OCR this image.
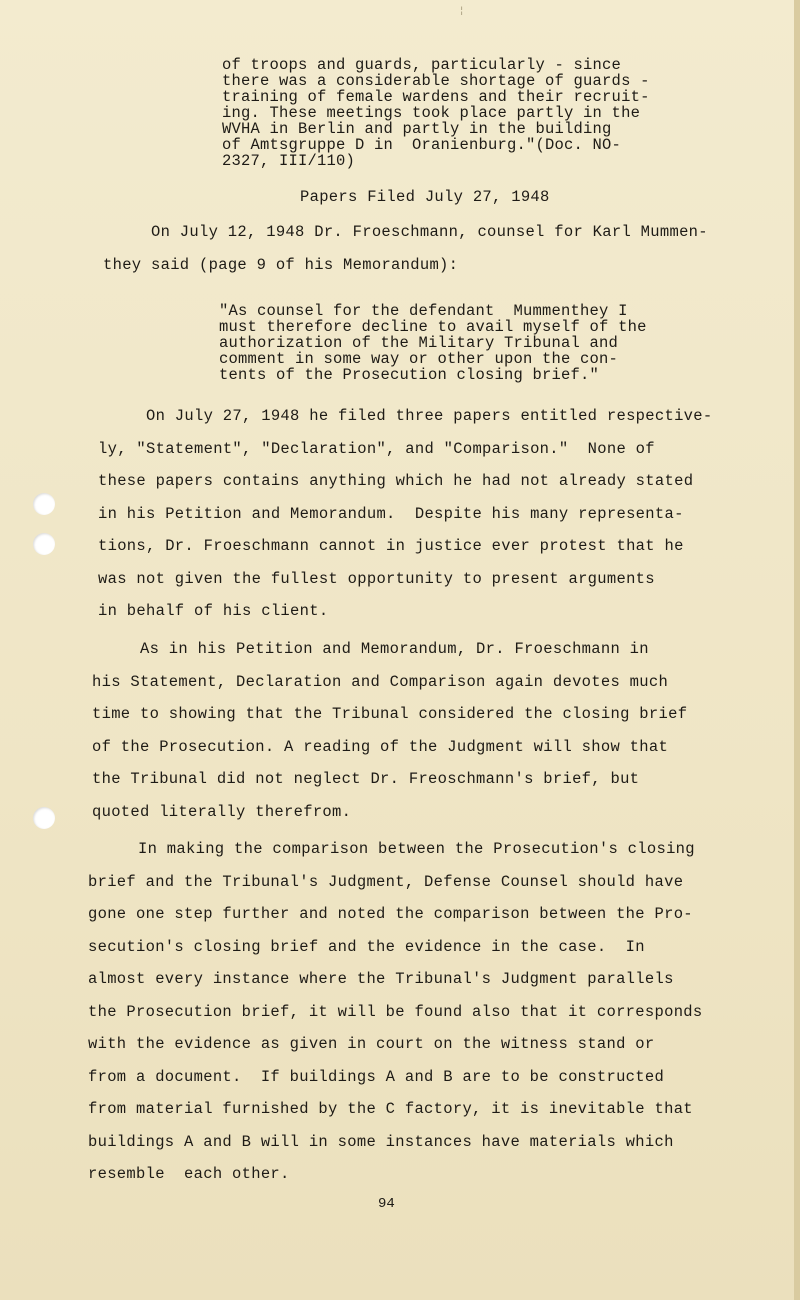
¦
of troops and guards, particularly - since
there was a considerable shortage of guards -
training of female wardens and their recruit-
ing. These meetings took place partly in the
WVHA in Berlin and partly in the building
of Amtsgruppe D in  Oranienburg."(Doc. NO-
2327, III/110)
Papers Filed July 27, 1948
On July 12, 1948 Dr. Froeschmann, counsel for Karl Mummen-
they said (page 9 of his Memorandum):
"As counsel for the defendant  Mummenthey I
must therefore decline to avail myself of the
authorization of the Military Tribunal and
comment in some way or other upon the con-
tents of the Prosecution closing brief."
On July 27, 1948 he filed three papers entitled respective-
ly, "Statement", "Declaration", and "Comparison."  None of
these papers contains anything which he had not already stated
in his Petition and Memorandum.  Despite his many representa-
tions, Dr. Froeschmann cannot in justice ever protest that he
was not given the fullest opportunity to present arguments
in behalf of his client.
As in his Petition and Memorandum, Dr. Froeschmann in
his Statement, Declaration and Comparison again devotes much
time to showing that the Tribunal considered the closing brief
of the Prosecution. A reading of the Judgment will show that
the Tribunal did not neglect Dr. Freoschmann's brief, but
quoted literally therefrom.
In making the comparison between the Prosecution's closing
brief and the Tribunal's Judgment, Defense Counsel should have
gone one step further and noted the comparison between the Pro-
secution's closing brief and the evidence in the case.  In
almost every instance where the Tribunal's Judgment parallels
the Prosecution brief, it will be found also that it corresponds
with the evidence as given in court on the witness stand or
from a document.  If buildings A and B are to be constructed
from material furnished by the C factory, it is inevitable that
buildings A and B will in some instances have materials which
resemble  each other.
94
